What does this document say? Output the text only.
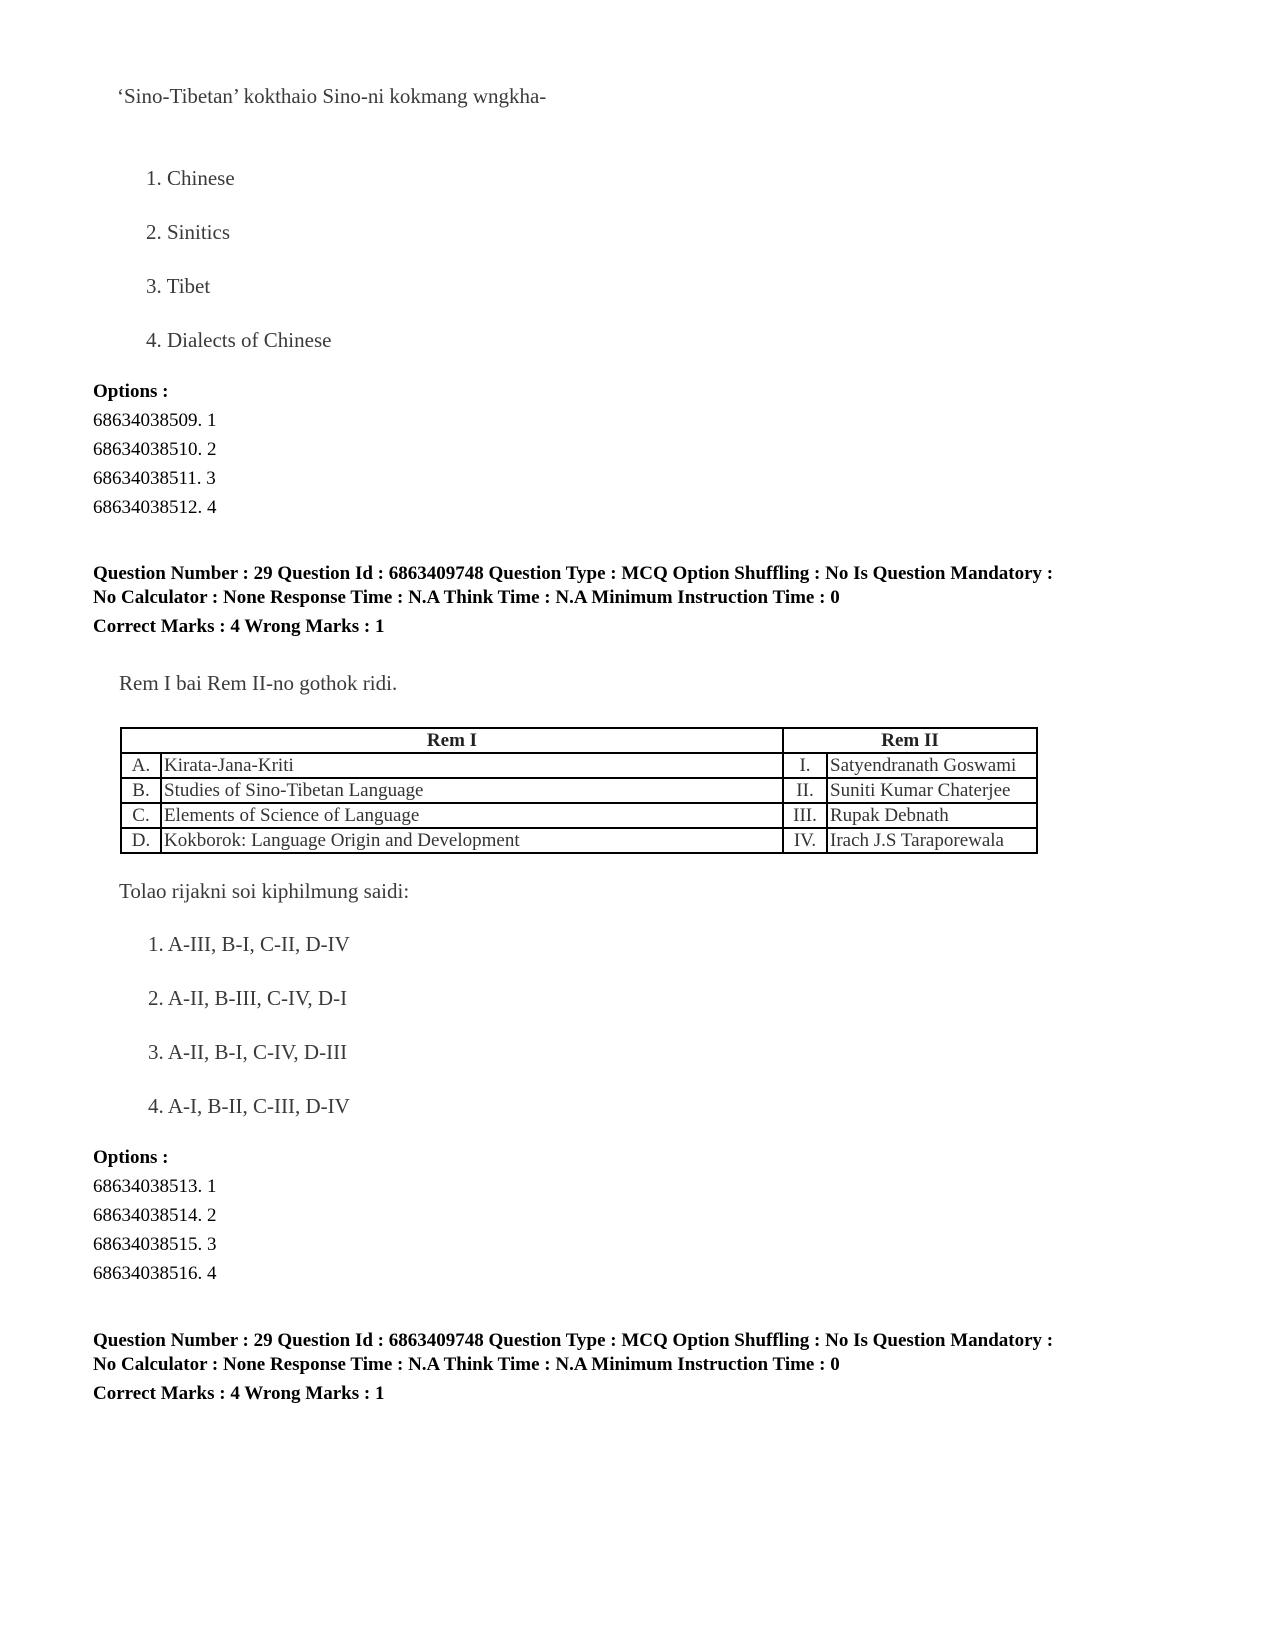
‘Sino-Tibetan’ kokthaio Sino-ni kokmang wngkha-
1. Chinese
2. Sinitics
3. Tibet
4. Dialects of Chinese
Options :
68634038509. 1
68634038510. 2
68634038511. 3
68634038512. 4
Question Number : 29 Question Id : 6863409748 Question Type : MCQ Option Shuffling : No Is Question Mandatory :
No Calculator : None Response Time : N.A Think Time : N.A Minimum Instruction Time : 0
Correct Marks : 4 Wrong Marks : 1
Rem I bai Rem II-no gothok ridi.
Rem I		Rem II	
A.	Kirata-Jana-Kriti	I.	Satyendranath Goswami
B.	Studies of Sino-Tibetan Language	II.	Suniti Kumar Chaterjee
C.	Elements of Science of Language	III.	Rupak Debnath
D.	Kokborok: Language Origin and Development	IV.	Irach J.S Taraporewala
Tolao rijakni soi kiphilmung saidi:
1. A-III, B-I, C-II, D-IV
2. A-II, B-III, C-IV, D-I
3. A-II, B-I, C-IV, D-III
4. A-I, B-II, C-III, D-IV
Options :
68634038513. 1
68634038514. 2
68634038515. 3
68634038516. 4
Question Number : 29 Question Id : 6863409748 Question Type : MCQ Option Shuffling : No Is Question Mandatory :
No Calculator : None Response Time : N.A Think Time : N.A Minimum Instruction Time : 0
Correct Marks : 4 Wrong Marks : 1
